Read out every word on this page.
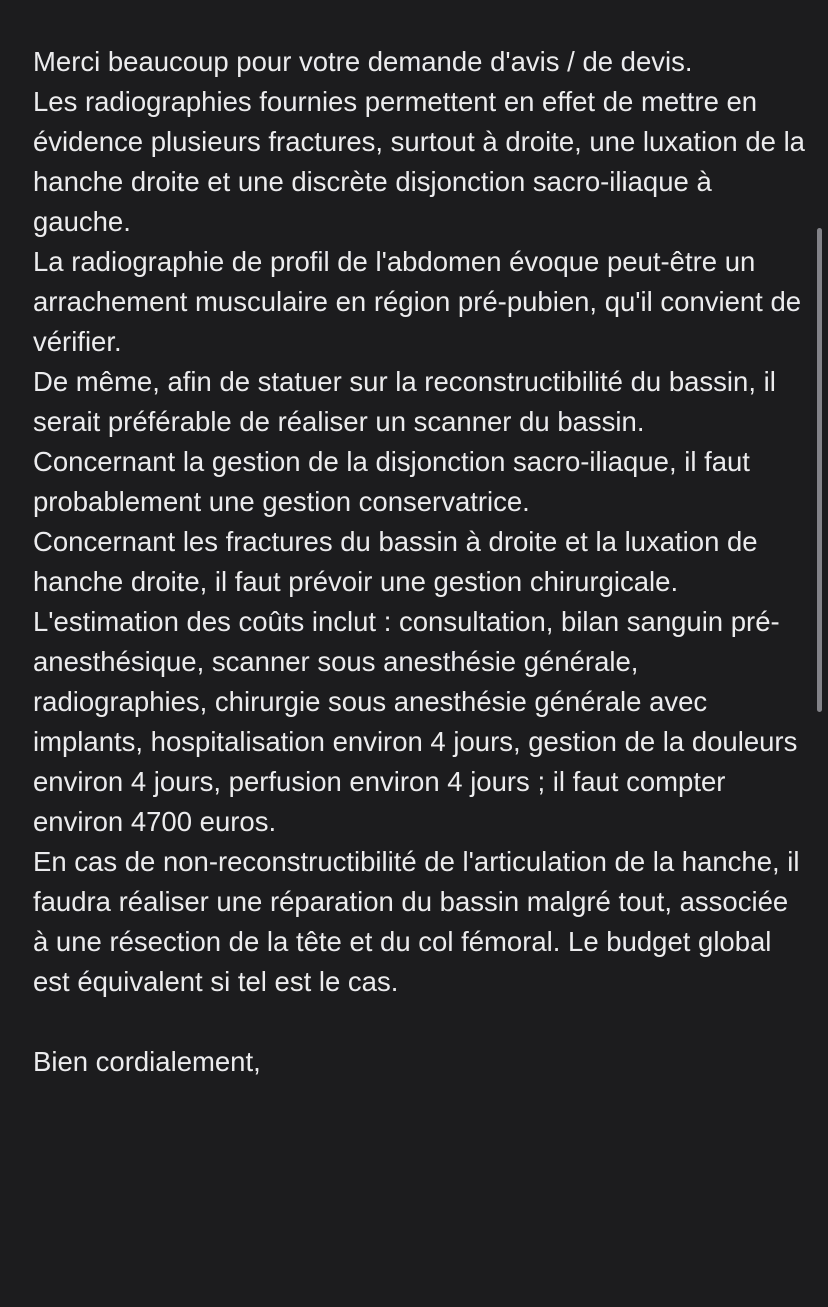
Merci beaucoup pour votre demande d'avis / de devis.

Les radiographies fournies permettent en effet de mettre en évidence plusieurs fractures, surtout à droite, une luxation de la hanche droite et une discrète disjonction sacro-iliaque à gauche.

La radiographie de profil de l'abdomen évoque peut-être un arrachement musculaire en région pré-pubien, qu'il convient de vérifier.

De même, afin de statuer sur la reconstructibilité du bassin, il serait préférable de réaliser un scanner du bassin.

Concernant la gestion de la disjonction sacro-iliaque, il faut probablement une gestion conservatrice.

Concernant les fractures du bassin à droite et la luxation de hanche droite, il faut prévoir une gestion chirurgicale.

L'estimation des coûts inclut : consultation, bilan sanguin pré-anesthésique, scanner sous anesthésie générale, radiographies, chirurgie sous anesthésie générale avec implants, hospitalisation environ 4 jours, gestion de la douleurs environ 4 jours, perfusion environ 4 jours ; il faut compter environ 4700 euros.

En cas de non-reconstructibilité de l'articulation de la hanche, il faudra réaliser une réparation du bassin malgré tout, associée à une résection de la tête et du col fémoral. Le budget global est équivalent si tel est le cas.

Bien cordialement,
